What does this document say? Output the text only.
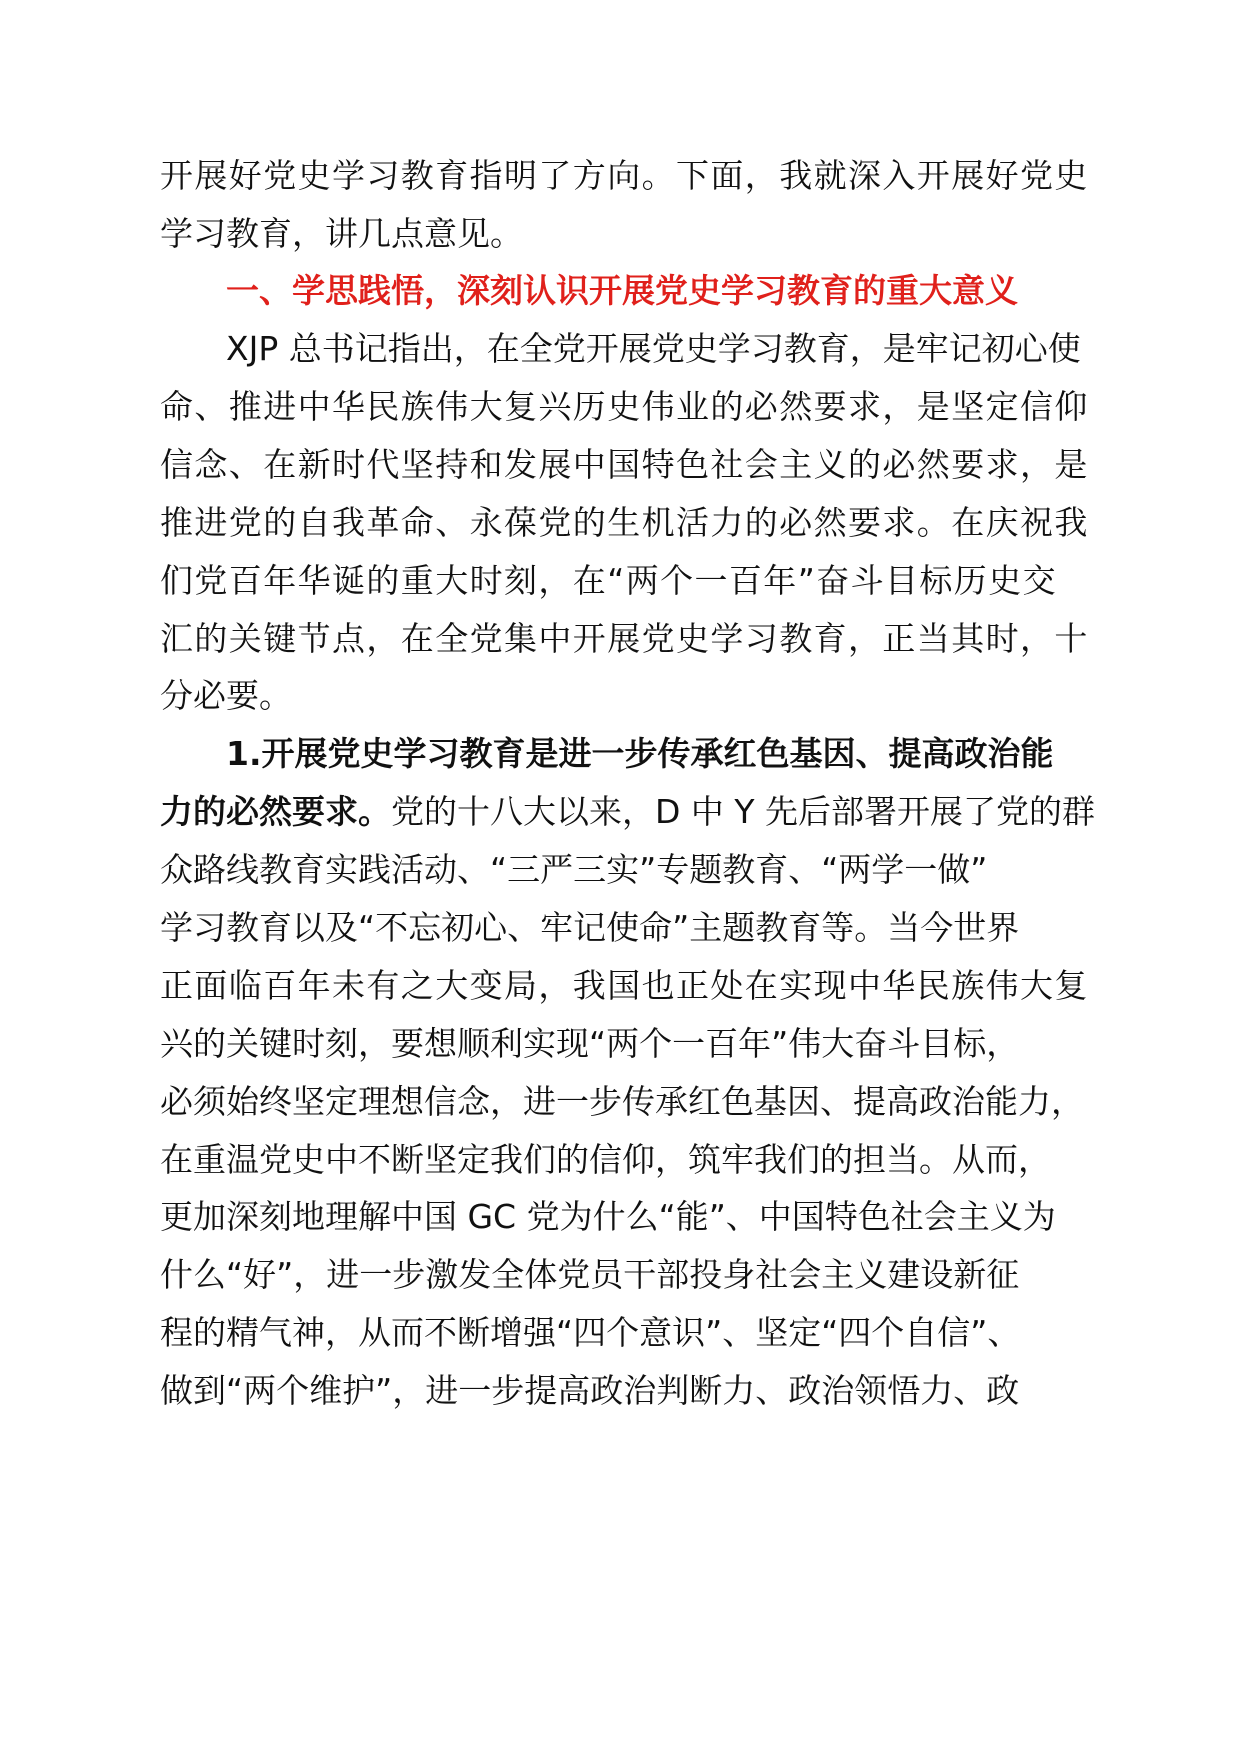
开展好党史学习教育指明了方向。下面，我就深入开展好党史
学习教育，讲几点意见。
一、学思践悟，深刻认识开展党史学习教育的重大意义
XJP 总书记指出，在全党开展党史学习教育，是牢记初心使
命、推进中华民族伟大复兴历史伟业的必然要求，是坚定信仰
信念、在新时代坚持和发展中国特色社会主义的必然要求，是
推进党的自我革命、永葆党的生机活力的必然要求。在庆祝我
们党百年华诞的重大时刻，在“两个一百年”奋斗目标历史交
汇的关键节点，在全党集中开展党史学习教育，正当其时，十
分必要。
1.开展党史学习教育是进一步传承红色基因、提高政治能
力的必然要求。党的十八大以来，D 中 Y 先后部署开展了党的群
众路线教育实践活动、“三严三实”专题教育、“两学一做”
学习教育以及“不忘初心、牢记使命”主题教育等。当今世界
正面临百年未有之大变局，我国也正处在实现中华民族伟大复
兴的关键时刻，要想顺利实现“两个一百年”伟大奋斗目标，
必须始终坚定理想信念，进一步传承红色基因、提高政治能力，
在重温党史中不断坚定我们的信仰，筑牢我们的担当。从而，
更加深刻地理解中国 GC 党为什么“能”、中国特色社会主义为
什么“好”，进一步激发全体党员干部投身社会主义建设新征
程的精气神，从而不断增强“四个意识”、坚定“四个自信”、
做到“两个维护”，进一步提高政治判断力、政治领悟力、政
